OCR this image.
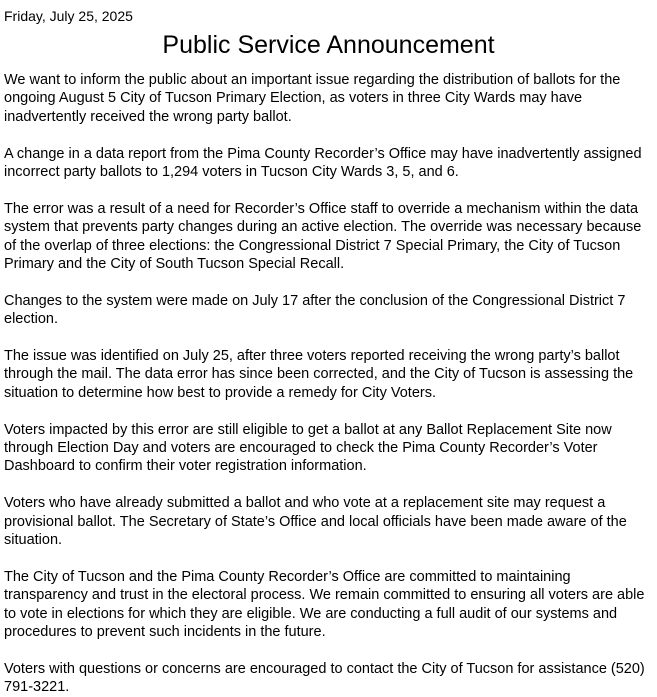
Friday, July 25, 2025

Public Service Announcement

We want to inform the public about an important issue regarding the distribution of ballots for the ongoing August 5 City of Tucson Primary Election, as voters in three City Wards may have inadvertently received the wrong party ballot.

A change in a data report from the Pima County Recorder’s Office may have inadvertently assigned incorrect party ballots to 1,294 voters in Tucson City Wards 3, 5, and 6.

The error was a result of a need for Recorder’s Office staff to override a mechanism within the data system that prevents party changes during an active election. The override was necessary because of the overlap of three elections: the Congressional District 7 Special Primary, the City of Tucson Primary and the City of South Tucson Special Recall.

Changes to the system were made on July 17 after the conclusion of the Congressional District 7 election.

The issue was identified on July 25, after three voters reported receiving the wrong party’s ballot through the mail. The data error has since been corrected, and the City of Tucson is assessing the situation to determine how best to provide a remedy for City Voters.

Voters impacted by this error are still eligible to get a ballot at any Ballot Replacement Site now through Election Day and voters are encouraged to check the Pima County Recorder’s Voter Dashboard to confirm their voter registration information.

Voters who have already submitted a ballot and who vote at a replacement site may request a provisional ballot. The Secretary of State’s Office and local officials have been made aware of the situation.

The City of Tucson and the Pima County Recorder’s Office are committed to maintaining transparency and trust in the electoral process. We remain committed to ensuring all voters are able to vote in elections for which they are eligible. We are conducting a full audit of our systems and procedures to prevent such incidents in the future.

Voters with questions or concerns are encouraged to contact the City of Tucson for assistance (520) 791-3221.
